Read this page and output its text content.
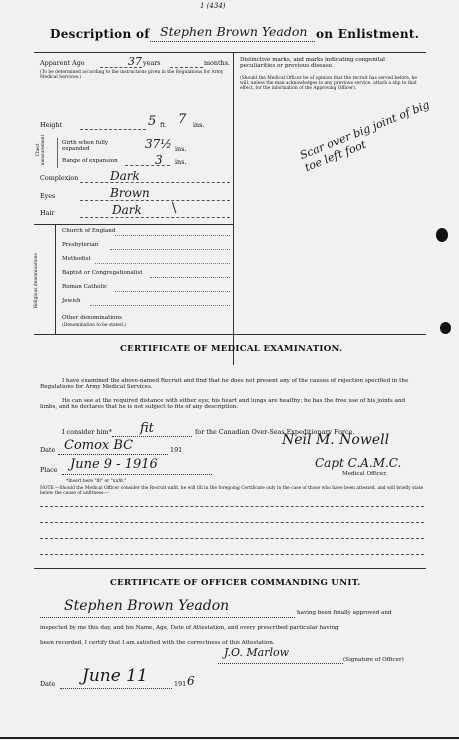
1 (434)
Description of Stephen Brown Yeadon on Enlistment.
Apparent Age	37 years	months.
(To be determined according to the instructions given in the Regulations for Army Medical Services.)
Distinctive marks, and marks indicating congenital peculiarities or previous disease.
(Should the Medical Officer be of opinion that the recruit has served before, he will, unless the man acknowledges to any previous service, attach a slip to that effect, for the information of the Approving Officer).
Scar over big joint of big toe left foot
Height	5 ft. 7 ins.
Chest measurement	Girth when fully expanded	37½ ins.
Range of expansion	3 ins.
Complexion	Dark
Eyes	Brown
Hair	Dark /
Religious denominations.
Church of England
Presbyterian
Methodist
Baptist or Congregationalist
Roman Catholic
Jewish
Other denominations
(Denomination to be stated.)
CERTIFICATE OF MEDICAL EXAMINATION.
I have examined the above-named Recruit and find that he does not present any of the causes of rejection specified in the Regulations for Army Medical Services.
He can see at the required distance with either eye; his heart and lungs are healthy; he has the free use of his joints and limbs, and he declares that he is not subject to fits of any description.
I consider him* fit	for the Canadian Over-Seas Expeditionary Force.
Date Comox BC	191
Place June 9 - 1916
Neil M. Nowell
Capt C.A.M.C.
Medical Officer.
*Insert here "fit" or "unfit."
NOTE.—Should the Medical Officer consider the Recruit unfit, he will fill in the foregoing Certificate only in the case of those who have been attested, and will briefly state below the cause of unfitness:—
CERTIFICATE OF OFFICER COMMANDING UNIT.
Stephen Brown Yeadon	having been finally approved and
inspected by me this day, and his Name, Age, Date of Attestation, and every prescribed particular having
been recorded, I certify that I am satisfied with the correctness of this Attestation.
J.O. Marlow
(Signature of Officer)
Date June 11	191 6
